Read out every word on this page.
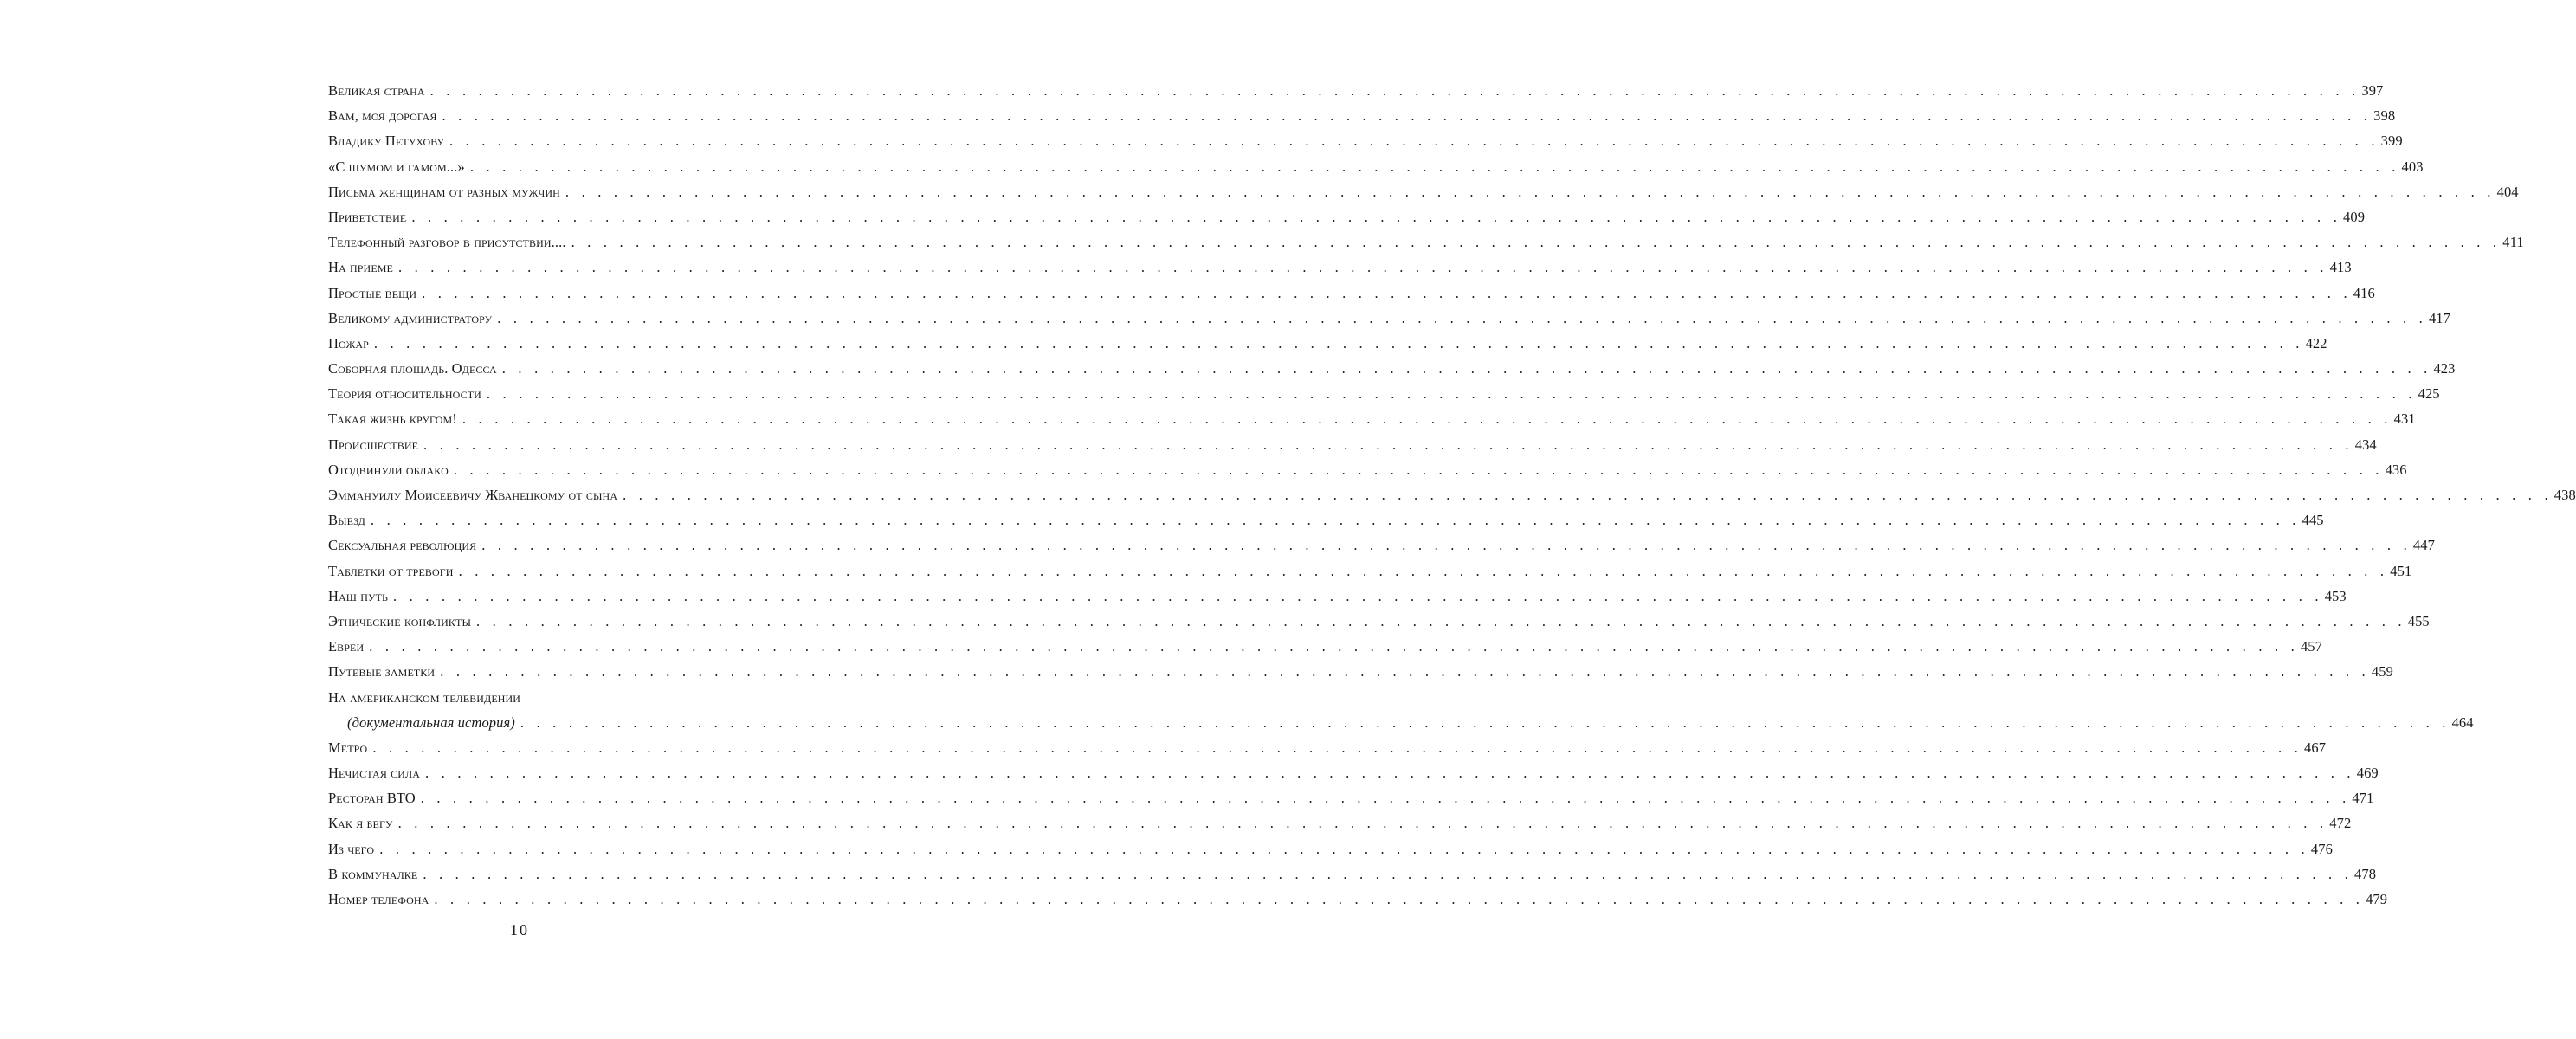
Великая страна . . . . . . . . . . . . . . . . . . . . . . . . . . . . . . . . . . . . . . . . . . . . . . . . . . . . . . . . . . . . . . . . . . . . . . . . . . . . . . . . . . . . . . . . . . . . . . . . . . . . . . . . . . . . . . . . . . . . . . . . 397
Вам, моя дорогая . . . . . . . . . . . . . . . . . . . . . . . . . . . . . . . . . . . . . . . . . . . . . . . . . . . . . . . . . . . . . . . . . . . . . . . . . . . . . . . . . . . . . . . . . . . . . . . . . . . . . . . . . . . . . . . . . . . . . . . . 398
Владику Петухову . . . . . . . . . . . . . . . . . . . . . . . . . . . . . . . . . . . . . . . . . . . . . . . . . . . . . . . . . . . . . . . . . . . . . . . . . . . . . . . . . . . . . . . . . . . . . . . . . . . . . . . . . . . . . . . . . . . . . . . . 399
«С шумом и гамом...» . . . . . . . . . . . . . . . . . . . . . . . . . . . . . . . . . . . . . . . . . . . . . . . . . . . . . . . . . . . . . . . . . . . . . . . . . . . . . . . . . . . . . . . . . . . . . . . . . . . . . . . . . . . . . . . . . . . . . . . . 403
Письма женщинам от разных мужчин . . . . . . . . . . . . . . . . . . . . . . . . . . . . . . . . . . . . . . . . . . . . . . . . . . . . . . . . . . . . . . . . . . . . . . . . . . . . . . . . . . . . . . . . . . . . . . . . . . . . . . . . . . . . . . . . . . . . . . . . 404
Приветствие . . . . . . . . . . . . . . . . . . . . . . . . . . . . . . . . . . . . . . . . . . . . . . . . . . . . . . . . . . . . . . . . . . . . . . . . . . . . . . . . . . . . . . . . . . . . . . . . . . . . . . . . . . . . . . . . . . . . . . . . 409
Телефонный разговор в присутствии.... . . . . . . . . . . . . . . . . . . . . . . . . . . . . . . . . . . . . . . . . . . . . . . . . . . . . . . . . . . . . . . . . . . . . . . . . . . . . . . . . . . . . . . . . . . . . . . . . . . . . . . . . . . . . . . . . . . . . . . . . 411
На приеме . . . . . . . . . . . . . . . . . . . . . . . . . . . . . . . . . . . . . . . . . . . . . . . . . . . . . . . . . . . . . . . . . . . . . . . . . . . . . . . . . . . . . . . . . . . . . . . . . . . . . . . . . . . . . . . . . . . . . . . . 413
Простые вещи . . . . . . . . . . . . . . . . . . . . . . . . . . . . . . . . . . . . . . . . . . . . . . . . . . . . . . . . . . . . . . . . . . . . . . . . . . . . . . . . . . . . . . . . . . . . . . . . . . . . . . . . . . . . . . . . . . . . . . . . 416
Великому администратору . . . . . . . . . . . . . . . . . . . . . . . . . . . . . . . . . . . . . . . . . . . . . . . . . . . . . . . . . . . . . . . . . . . . . . . . . . . . . . . . . . . . . . . . . . . . . . . . . . . . . . . . . . . . . . . . . . . . . . . . 417
Пожар . . . . . . . . . . . . . . . . . . . . . . . . . . . . . . . . . . . . . . . . . . . . . . . . . . . . . . . . . . . . . . . . . . . . . . . . . . . . . . . . . . . . . . . . . . . . . . . . . . . . . . . . . . . . . . . . . . . . . . . . 422
Соборная площадь. Одесса . . . . . . . . . . . . . . . . . . . . . . . . . . . . . . . . . . . . . . . . . . . . . . . . . . . . . . . . . . . . . . . . . . . . . . . . . . . . . . . . . . . . . . . . . . . . . . . . . . . . . . . . . . . . . . . . . . . . . . . . 423
Теория относительности . . . . . . . . . . . . . . . . . . . . . . . . . . . . . . . . . . . . . . . . . . . . . . . . . . . . . . . . . . . . . . . . . . . . . . . . . . . . . . . . . . . . . . . . . . . . . . . . . . . . . . . . . . . . . . . . . . . . . . . . 425
Такая жизнь кругом! . . . . . . . . . . . . . . . . . . . . . . . . . . . . . . . . . . . . . . . . . . . . . . . . . . . . . . . . . . . . . . . . . . . . . . . . . . . . . . . . . . . . . . . . . . . . . . . . . . . . . . . . . . . . . . . . . . . . . . . . 431
Происшествие . . . . . . . . . . . . . . . . . . . . . . . . . . . . . . . . . . . . . . . . . . . . . . . . . . . . . . . . . . . . . . . . . . . . . . . . . . . . . . . . . . . . . . . . . . . . . . . . . . . . . . . . . . . . . . . . . . . . . . . . 434
Отодвинули облако . . . . . . . . . . . . . . . . . . . . . . . . . . . . . . . . . . . . . . . . . . . . . . . . . . . . . . . . . . . . . . . . . . . . . . . . . . . . . . . . . . . . . . . . . . . . . . . . . . . . . . . . . . . . . . . . . . . . . . . . 436
Эммануилу Моисеевичу Жванецкому от сына . . . . . . . . . . . . . . . . . . . . . . . . . . . . . . . . . . . . . . . . . . . . . . . . . . . . . . . . . . . . . . . . . . . . . . . . . . . . . . . . . . . . . . . . . . . . . . . . . . . . . . . . . . . . . . . . . . . . . . . . 438
Выезд . . . . . . . . . . . . . . . . . . . . . . . . . . . . . . . . . . . . . . . . . . . . . . . . . . . . . . . . . . . . . . . . . . . . . . . . . . . . . . . . . . . . . . . . . . . . . . . . . . . . . . . . . . . . . . . . . . . . . . . . 445
Сексуальная революция . . . . . . . . . . . . . . . . . . . . . . . . . . . . . . . . . . . . . . . . . . . . . . . . . . . . . . . . . . . . . . . . . . . . . . . . . . . . . . . . . . . . . . . . . . . . . . . . . . . . . . . . . . . . . . . . . . . . . . . . 447
Таблетки от тревоги . . . . . . . . . . . . . . . . . . . . . . . . . . . . . . . . . . . . . . . . . . . . . . . . . . . . . . . . . . . . . . . . . . . . . . . . . . . . . . . . . . . . . . . . . . . . . . . . . . . . . . . . . . . . . . . . . . . . . . . . 451
Наш путь . . . . . . . . . . . . . . . . . . . . . . . . . . . . . . . . . . . . . . . . . . . . . . . . . . . . . . . . . . . . . . . . . . . . . . . . . . . . . . . . . . . . . . . . . . . . . . . . . . . . . . . . . . . . . . . . . . . . . . . . 453
Этнические конфликты . . . . . . . . . . . . . . . . . . . . . . . . . . . . . . . . . . . . . . . . . . . . . . . . . . . . . . . . . . . . . . . . . . . . . . . . . . . . . . . . . . . . . . . . . . . . . . . . . . . . . . . . . . . . . . . . . . . . . . . . 455
Евреи . . . . . . . . . . . . . . . . . . . . . . . . . . . . . . . . . . . . . . . . . . . . . . . . . . . . . . . . . . . . . . . . . . . . . . . . . . . . . . . . . . . . . . . . . . . . . . . . . . . . . . . . . . . . . . . . . . . . . . . . 457
Путевые заметки . . . . . . . . . . . . . . . . . . . . . . . . . . . . . . . . . . . . . . . . . . . . . . . . . . . . . . . . . . . . . . . . . . . . . . . . . . . . . . . . . . . . . . . . . . . . . . . . . . . . . . . . . . . . . . . . . . . . . . . . 459
На американском телевидении
(документальная история) . . . . . . . . . . . . . . . . . . . . . . . . . . . . . . . . . . . . . . . . . . . . . . . . . . . . . . . . . . . . . . . . . . . . . . . . . . . . . . . . . . . . . . . . . . . . . . . . . . . . . . . . . . . . . . . . . . . . . . . . 464
Метро . . . . . . . . . . . . . . . . . . . . . . . . . . . . . . . . . . . . . . . . . . . . . . . . . . . . . . . . . . . . . . . . . . . . . . . . . . . . . . . . . . . . . . . . . . . . . . . . . . . . . . . . . . . . . . . . . . . . . . . . 467
Нечистая сила . . . . . . . . . . . . . . . . . . . . . . . . . . . . . . . . . . . . . . . . . . . . . . . . . . . . . . . . . . . . . . . . . . . . . . . . . . . . . . . . . . . . . . . . . . . . . . . . . . . . . . . . . . . . . . . . . . . . . . . . 469
Ресторан ВТО . . . . . . . . . . . . . . . . . . . . . . . . . . . . . . . . . . . . . . . . . . . . . . . . . . . . . . . . . . . . . . . . . . . . . . . . . . . . . . . . . . . . . . . . . . . . . . . . . . . . . . . . . . . . . . . . . . . . . . . . 471
Как я бегу . . . . . . . . . . . . . . . . . . . . . . . . . . . . . . . . . . . . . . . . . . . . . . . . . . . . . . . . . . . . . . . . . . . . . . . . . . . . . . . . . . . . . . . . . . . . . . . . . . . . . . . . . . . . . . . . . . . . . . . . 472
Из чего . . . . . . . . . . . . . . . . . . . . . . . . . . . . . . . . . . . . . . . . . . . . . . . . . . . . . . . . . . . . . . . . . . . . . . . . . . . . . . . . . . . . . . . . . . . . . . . . . . . . . . . . . . . . . . . . . . . . . . . . 476
В коммуналке . . . . . . . . . . . . . . . . . . . . . . . . . . . . . . . . . . . . . . . . . . . . . . . . . . . . . . . . . . . . . . . . . . . . . . . . . . . . . . . . . . . . . . . . . . . . . . . . . . . . . . . . . . . . . . . . . . . . . . . . 478
Номер телефона . . . . . . . . . . . . . . . . . . . . . . . . . . . . . . . . . . . . . . . . . . . . . . . . . . . . . . . . . . . . . . . . . . . . . . . . . . . . . . . . . . . . . . . . . . . . . . . . . . . . . . . . . . . . . . . . . . . . . . . . 479
10
